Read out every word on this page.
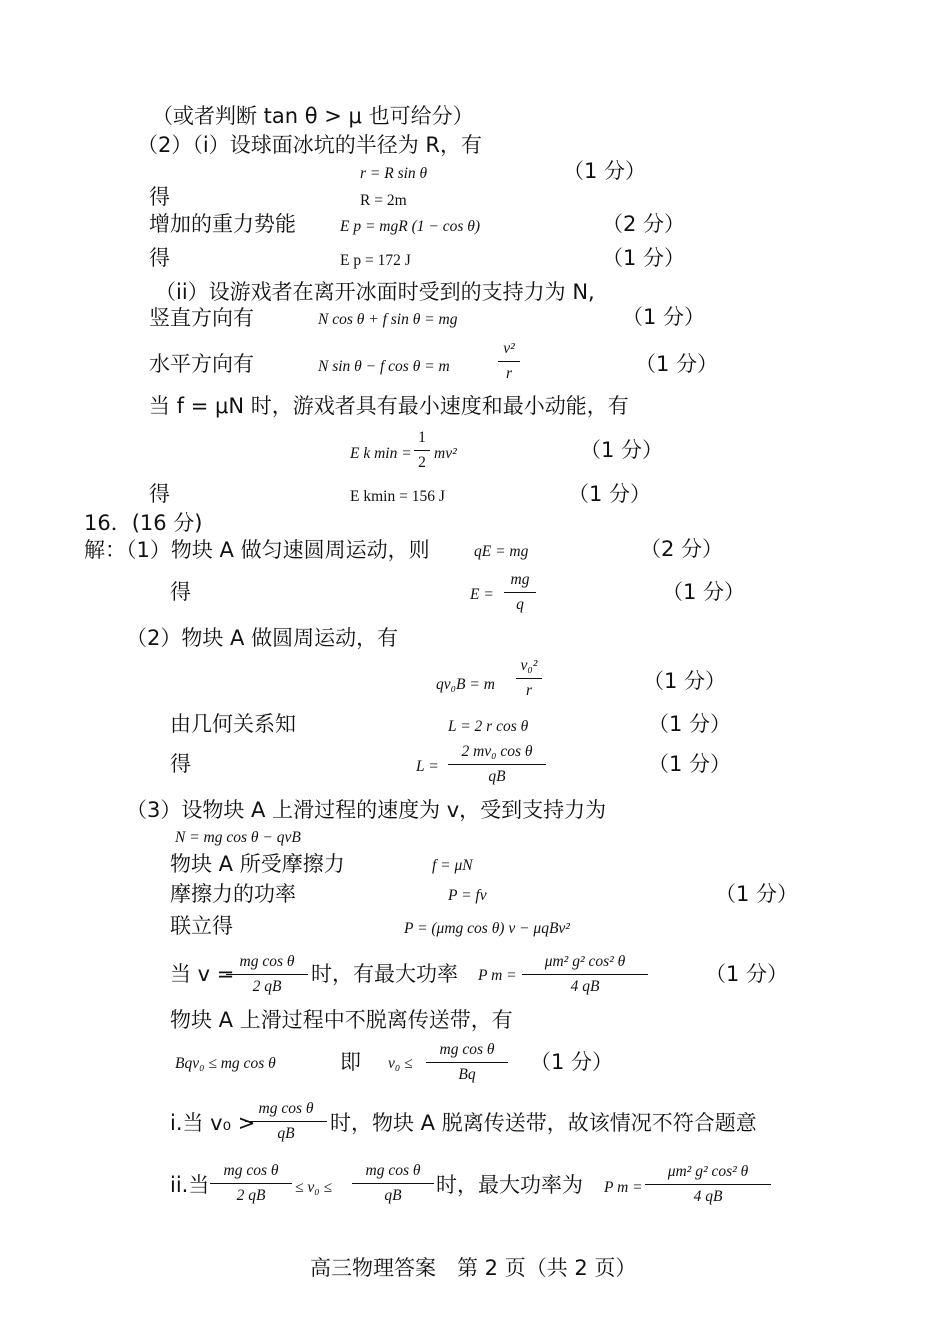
（或者判断 tan θ > μ 也可给分）
（2）（i）设球面冰坑的半径为 R，有
r = R sin θ	（1 分）
得	R = 2m
增加的重力势能	E p = mgR (1 − cos θ)	（2 分）
得	E p = 172 J	（1 分）
（ii）设游戏者在离开冰面时受到的支持力为 N,
竖直方向有	N cos θ + f sin θ = mg	（1 分）
水平方向有	N sin θ − f cos θ = m
v²
r	（1 分）
当 f = μN 时，游戏者具有最小速度和最小动能，有
E k min =
1
2
mv²	（1 分）
得	E kmin = 156 J	（1 分）
16．(16 分)
解：（1）物块 A 做匀速圆周运动，则	qE = mg	（2 分）
得	E =
mg
q
（1 分）
（2）物块 A 做圆周运动，有
qv₀B = m
v₀²
r	（1 分）
由几何关系知	L = 2 r cos θ	（1 分）
得	L =
2 mv₀ cos θ
qB
（1 分）
（3）设物块 A 上滑过程的速度为 v，受到支持力为
N = mg cos θ − qvB
物块 A 所受摩擦力	f = μN
摩擦力的功率	P = fv	（1 分）
联立得	P = (μmg cos θ) v − μqBv²
当 v =
mg cos θ
2 qB
时，有最大功率 P m =
μm² g² cos² θ
4 qB
（1 分）
物块 A 上滑过程中不脱离传送带，有
Bqv₀ ≤ mg cos θ	即 v₀ ≤
mg cos θ
Bq
（1 分）
i.当 v₀ >
mg cos θ
qB	时，物块 A 脱离传送带，故该情况不符合题意
ii.当
mg cos θ
2 qB	≤ v₀ ≤
mg cos θ
qB	时，最大功率为 P m =
μm² g² cos² θ
4 qB
高三物理答案　第 2 页（共 2 页）
